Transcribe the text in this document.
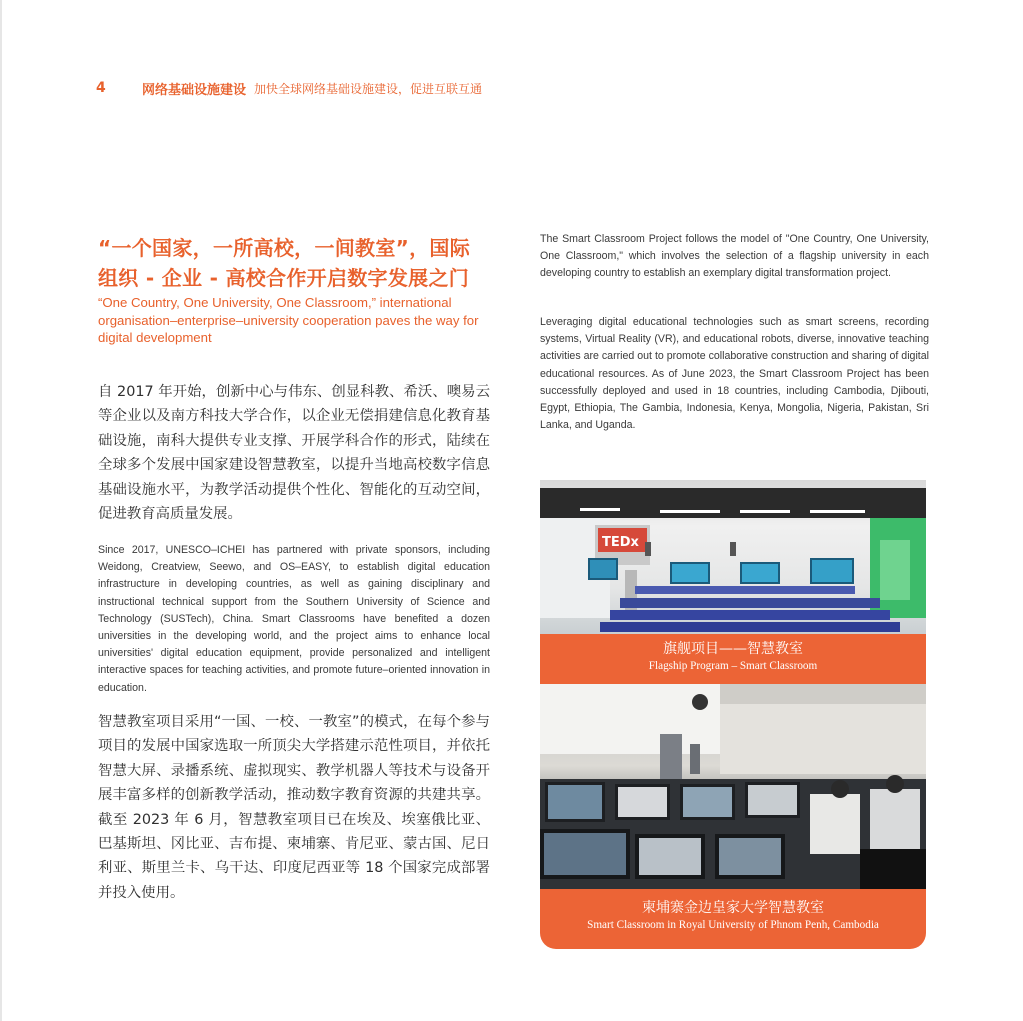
4	网络基础设施建设 加快全球网络基础设施建设，促进互联互通
“一个国家，一所高校，一间教室”，国际
组织 - 企业 - 高校合作开启数字发展之门
“One Country, One University, One Classroom,” international organisation–enterprise–university cooperation paves the way for digital development
自 2017 年开始，创新中心与伟东、创显科教、希沃、噢易云等企业以及南方科技大学合作，以企业无偿捐建信息化教育基础设施，南科大提供专业支撑、开展学科合作的形式，陆续在全球多个发展中国家建设智慧教室，以提升当地高校数字信息基础设施水平，为教学活动提供个性化、智能化的互动空间，促进教育高质量发展。
Since 2017, UNESCO–ICHEI has partnered with private sponsors, including Weidong, Creatview, Seewo, and OS–EASY, to establish digital education infrastructure in developing countries, as well as gaining disciplinary and instructional technical support from the Southern University of Science and Technology (SUSTech), China. Smart Classrooms have benefited a dozen universities in the developing world, and the project aims to enhance local universities' digital education equipment, provide personalized and intelligent interactive spaces for teaching activities, and promote future–oriented innovation in education.
智慧教室项目采用“一国、一校、一教室”的模式，在每个参与项目的发展中国家选取一所顶尖大学搭建示范性项目，并依托智慧大屏、录播系统、虚拟现实、教学机器人等技术与设备开展丰富多样的创新教学活动，推动数字教育资源的共建共享。截至 2023 年 6 月，智慧教室项目已在埃及、埃塞俄比亚、巴基斯坦、冈比亚、吉布提、柬埔寨、肯尼亚、蒙古国、尼日利亚、斯里兰卡、乌干达、印度尼西亚等 18 个国家完成部署并投入使用。
The Smart Classroom Project follows the model of "One Country, One University, One Classroom," which involves the selection of a flagship university in each developing country to establish an exemplary digital transformation project.
Leveraging digital educational technologies such as smart screens, recording systems, Virtual Reality (VR), and educational robots, diverse, innovative teaching activities are carried out to promote collaborative construction and sharing of digital educational resources. As of June 2023, the Smart Classroom Project has been successfully deployed and used in 18 countries, including Cambodia, Djibouti, Egypt, Ethiopia, The Gambia, Indonesia, Kenya, Mongolia, Nigeria, Pakistan, Sri Lanka, and Uganda.
TEDx
旗舰项目——智慧教室
Flagship Program – Smart Classroom
柬埔寨金边皇家大学智慧教室
Smart Classroom in Royal University of Phnom Penh, Cambodia
